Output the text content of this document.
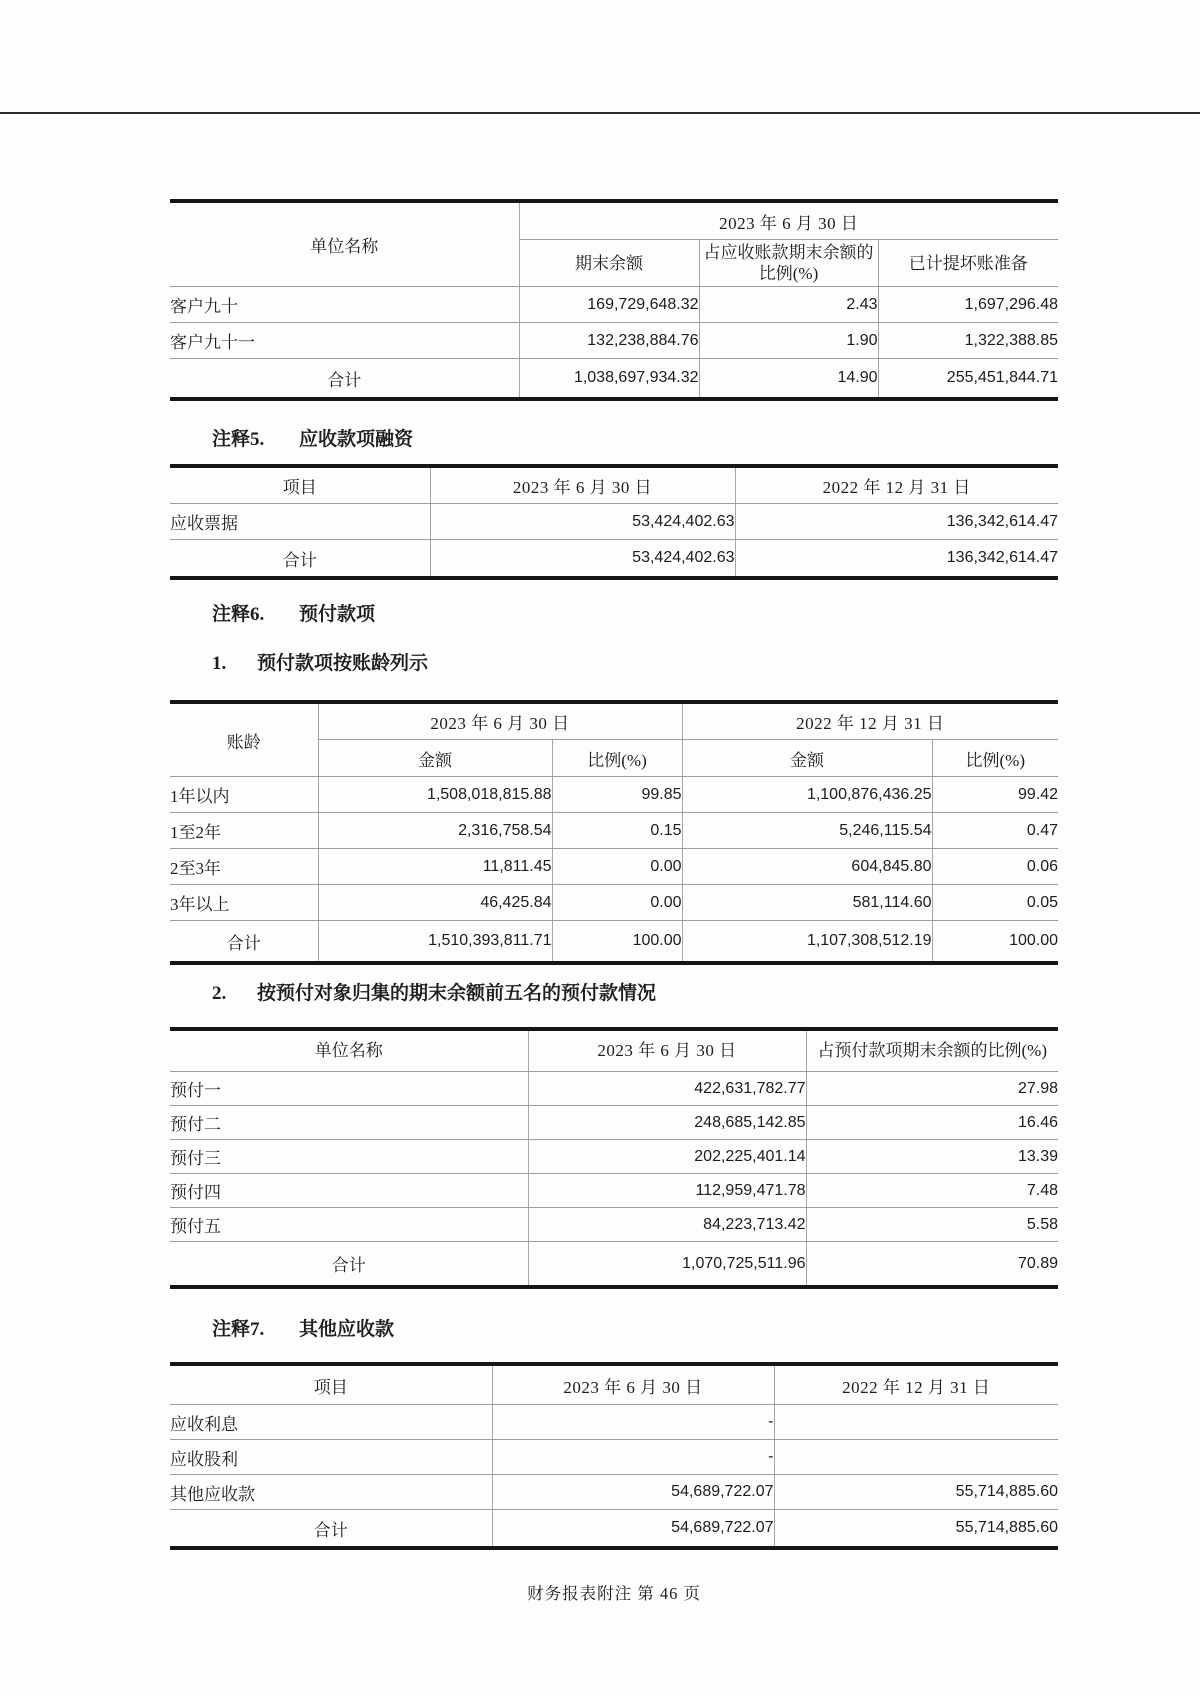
单位名称	2023 年 6 月 30 日		
	期末余额	占应收账款期末余额的比例(%)	已计提坏账准备
客户九十	169,729,648.32	2.43	1,697,296.48
客户九十一	132,238,884.76	1.90	1,322,388.85
合计	1,038,697,934.32	14.90	255,451,844.71
注释5. 应收款项融资
项目	2023 年 6 月 30 日	2022 年 12 月 31 日
应收票据	53,424,402.63	136,342,614.47
合计	53,424,402.63	136,342,614.47
注释6. 预付款项
1. 预付款项按账龄列示
账龄	2023 年 6 月 30 日		2022 年 12 月 31 日	
	金额	比例(%)	金额	比例(%)
1年以内	1,508,018,815.88	99.85	1,100,876,436.25	99.42
1至2年	2,316,758.54	0.15	5,246,115.54	0.47
2至3年	11,811.45	0.00	604,845.80	0.06
3年以上	46,425.84	0.00	581,114.60	0.05
合计	1,510,393,811.71	100.00	1,107,308,512.19	100.00
2. 按预付对象归集的期末余额前五名的预付款情况
单位名称	2023 年 6 月 30 日	占预付款项期末余额的比例(%)
预付一	422,631,782.77	27.98
预付二	248,685,142.85	16.46
预付三	202,225,401.14	13.39
预付四	112,959,471.78	7.48
预付五	84,223,713.42	5.58
合计	1,070,725,511.96	70.89
注释7. 其他应收款
项目	2023 年 6 月 30 日	2022 年 12 月 31 日
应收利息	-	
应收股利	-	
其他应收款	54,689,722.07	55,714,885.60
合计	54,689,722.07	55,714,885.60
财务报表附注 第 46 页
